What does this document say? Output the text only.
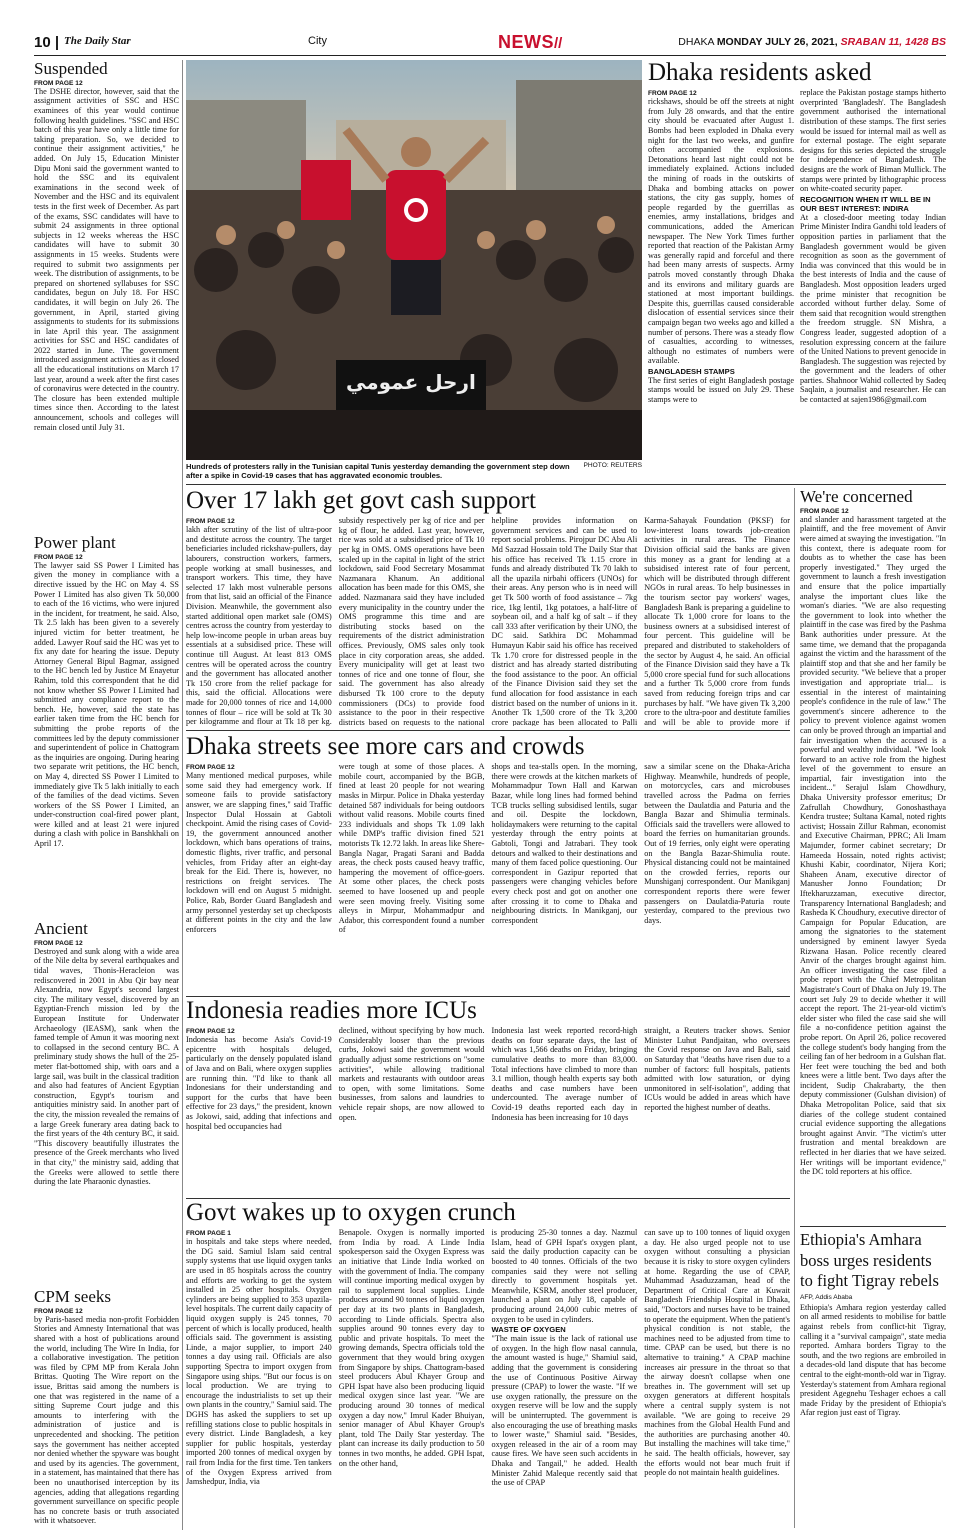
10 The Daily Star	City	NEWS //	DHAKA MONDAY JULY 26, 2021, SRABAN 11, 1428 BS
Suspended
FROM PAGE 12
The DSHE director, however, said that the assignment activities of SSC and HSC examinees of this year would continue following health guidelines. "SSC and HSC batch of this year have only a little time for taking preparation. So, we decided to continue their assignment activities," he added. On July 15, Education Minister Dipu Moni said the government wanted to hold the SSC and its equivalent examinations in the second week of November and the HSC and its equivalent tests in the first week of December. As part of the exams, SSC candidates will have to submit 24 assignments in three optional subjects in 12 weeks whereas the HSC candidates will have to submit 30 assignments in 15 weeks. Students were required to submit two assignments per week. The distribution of assignments, to be prepared on shortened syllabuses for SSC candidates, begun on July 18. For HSC candidates, it will begin on July 26. The government, in April, started giving assignments to students for its submissions in late April this year. The assignment activities for SSC and HSC candidates of 2022 started in June. The government introduced assignment activities as it closed all the educational institutions on March 17 last year, around a week after the first cases of coronavirus were detected in the country. The closure has been extended multiple times since then. According to the latest announcement, schools and colleges will remain closed until July 31.
Power plant
FROM PAGE 12
The lawyer said SS Power I Limited has given the money in compliance with a directive issued by the HC on May 4. SS Power I Limited has also given Tk 50,000 to each of the 16 victims, who were injured in the incident, for treatment, he said. Also, Tk 2.5 lakh has been given to a severely injured victim for better treatment, he added. Lawyer Rouf said the HC was yet to fix any date for hearing the issue. Deputy Attorney General Bipul Bagmar, assigned to the HC bench led by Justice M Enayetur Rahim, told this correspondent that he did not know whether SS Power I Limited had submitted any compliance report to the bench. He, however, said the state has earlier taken time from the HC bench for submitting the probe reports of the committees led by the deputy commissioner and superintendent of police in Chattogram as the inquiries are ongoing. During hearing two separate writ petitions, the HC bench, on May 4, directed SS Power I Limited to immediately give Tk 5 lakh initially to each of the families of the dead victims. Seven workers of the SS Power I Limited, an under-construction coal-fired power plant, were killed and at least 21 were injured during a clash with police in Banshkhali on April 17.
Ancient
FROM PAGE 12
Destroyed and sunk along with a wide area of the Nile delta by several earthquakes and tidal waves, Thonis-Heracleion was rediscovered in 2001 in Abu Qir bay near Alexandria, now Egypt's second largest city. The military vessel, discovered by an Egyptian-French mission led by the European Institute for Underwater Archaeology (IEASM), sank when the famed temple of Amun it was mooring next to collapsed in the second century BC. A preliminary study shows the hull of the 25-meter flat-bottomed ship, with oars and a large sail, was built in the classical tradition and also had features of Ancient Egyptian construction, Egypt's tourism and antiquities ministry said. In another part of the city, the mission revealed the remains of a large Greek funerary area dating back to the first years of the 4th century BC, it said. "This discovery beautifully illustrates the presence of the Greek merchants who lived in that city," the ministry said, adding that the Greeks were allowed to settle there during the late Pharaonic dynasties.
CPM seeks
FROM PAGE 12
by Paris-based media non-profit Forbidden Stories and Amnesty International that was shared with a host of publications around the world, including The Wire In India, for a collaborative investigation. The petition was filed by CPM MP from Kerala John Brittas. Quoting The Wire report on the issue, Brittas said among the numbers is one that was registered in the name of a sitting Supreme Court judge and this amounts to interfering with the administration of justice and is unprecedented and shocking. The petition says the government has neither accepted nor denied whether the spyware was bought and used by its agencies. The government, in a statement, has maintained that there has been no unauthorised interception by its agencies, adding that allegations regarding government surveillance on specific people has no concrete basis or truth associated with it whatsoever.
ارحل عمومي
PHOTO: REUTERS
Hundreds of protesters rally in the Tunisian capital Tunis yesterday demanding the government step down after a spike in Covid-19 cases that has aggravated economic troubles.
Dhaka residents asked
FROM PAGE 12
rickshaws, should be off the streets at night from July 28 onwards, and that the entire city should be evacuated after August 1. Bombs had been exploded in Dhaka every night for the last two weeks, and gunfire often accompanied the explosions. Detonations heard last night could not be immediately explained. Actions included the mining of roads in the outskirts of Dhaka and bombing attacks on power stations, the city gas supply, homes of people regarded by the guerrillas as enemies, army installations, bridges and communications, added the American newspaper. The New York Times further reported that reaction of the Pakistan Army was generally rapid and forceful and there had been many arrests of suspects. Army patrols moved constantly through Dhaka and its environs and military guards are stationed at most important buildings. Despite this, guerrillas caused considerable dislocation of essential services since their campaign began two weeks ago and killed a number of persons. There was a steady flow of casualties, according to witnesses, although no estimates of numbers were available.
BANGLADESH STAMPS
The first series of eight Bangladesh postage stamps would be issued on July 29. These stamps were to
replace the Pakistan postage stamps hitherto overprinted 'Bangladesh'. The Bangladesh government authorised the international distribution of these stamps. The first series would be issued for internal mail as well as for external postage. The eight separate designs for this series depicted the struggle for independence of Bangladesh. The designs are the work of Biman Mullick. The stamps were printed by lithographic process on white-coated security paper.
RECOGNITION WHEN IT WILL BE IN OUR BEST INTEREST: INDIRA
At a closed-door meeting today Indian Prime Minister Indira Gandhi told leaders of opposition parties in parliament that the Bangladesh government would be given recognition as soon as the government of India was convinced that this would be in the best interests of India and the cause of Bangladesh. Most opposition leaders urged the prime minister that recognition be accorded without further delay. Some of them said that recognition would strengthen the freedom struggle. SN Mishra, a Congress leader, suggested adoption of a resolution expressing concern at the failure of the United Nations to prevent genocide in Bangladesh. The suggestion was rejected by the government and the leaders of other parties. Shahnoor Wahid collected by Sadeq Saqlain, a journalist and researcher. He can be contacted at sajen1986@gmail.com
Over 17 lakh get govt cash support
FROM PAGE 12
lakh after scrutiny of the list of ultra-poor and destitute across the country. The target beneficiaries included rickshaw-pullers, day labourers, construction workers, farmers, people working at small businesses, and transport workers. This time, they have selected 17 lakh most vulnerable persons from that list, said an official of the Finance Division. Meanwhile, the government also started additional open market sale (OMS) centres across the country from yesterday to help low-income people in urban areas buy essentials at a subsidised price. These will continue till August. At least 813 OMS centres will be operated across the country and the government has allocated another Tk 150 crore from the relief package for this, said the official. Allocations were made for 20,000 tonnes of rice and 14,000 tonnes of flour – rice will be sold at Tk 30 per kilogramme and flour at Tk 18 per kg.
subsidy respectively per kg of rice and per kg of flour, he added. Last year, however, rice was sold at a subsidised price of Tk 10 per kg in OMS. OMS operations have been scaled up in the capital in light of the strict lockdown, said Food Secretary Mosammat Nazmanara Khanum. An additional allocation has been made for this OMS, she added. Nazmanara said they have included every municipality in the country under the OMS programme this time and are distributing stocks based on the requirements of the district administration offices. Previously, OMS sales only took place in city corporation areas, she added. Every municipality will get at least two tonnes of rice and one tonne of flour, she said. The government has also already disbursed Tk 100 crore to the deputy commissioners (DCs) to provide food assistance to the poor in their respective districts based on requests to the national
helpline provides information on government services and can be used to report social problems. Pirojpur DC Abu Ali Md Sazzad Hossain told The Daily Star that his office has received Tk 1.15 crore in funds and already distributed Tk 70 lakh to all the upazila nirbahi officers (UNOs) for their areas. Any person who is in need will get Tk 500 worth of food assistance – 7kg rice, 1kg lentil, 1kg potatoes, a half-litre of soybean oil, and a half kg of salt – if they call 333 after verification by their UNO, the DC said. Satkhira DC Mohammad Humayun Kabir said his office has received Tk 1.70 crore for distressed people in the district and has already started distributing the food assistance to the poor. An official of the Finance Division said they set the fund allocation for food assistance in each district based on the number of unions in it. Another Tk 1,500 crore of the Tk 3,200 crore package has been allocated to Palli
Karma-Sahayak Foundation (PKSF) for low-interest loans towards job-creation activities in rural areas. The Finance Division official said the banks are given this money as a grant for lending at a subsidised interest rate of four percent, which will be distributed through different NGOs in rural areas. To help businesses in the tourism sector pay workers' wages, Bangladesh Bank is preparing a guideline to allocate Tk 1,000 crore for loans to the business owners at a subsidised interest of four percent. This guideline will be prepared and distributed to stakeholders of the sector by August 4, he said. An official of the Finance Division said they have a Tk 5,000 crore special fund for such allocations and a further Tk 5,000 crore from funds saved from reducing foreign trips and car purchases by half. "We have given Tk 3,200 crore to the ultra-poor and destitute families and will be able to provide more if
We're concerned
FROM PAGE 12
and slander and harassment targeted at the plaintiff, and the free movement of Anvir were aimed at swaying the investigation. "In this context, there is adequate room for doubts as to whether the case has been properly investigated." They urged the government to launch a fresh investigation and ensure that the police impartially analyse the important clues like the woman's diaries. "We are also requesting the government to look into whether the plaintiff in the case was fired by the Pashma Bank authorities under pressure. At the same time, we demand that the propaganda against the victim and the harassment of the plaintiff stop and that she and her family be provided security. "We believe that a proper investigation and appropriate trial... is essential in the interest of maintaining people's confidence in the rule of law." The government's sincere adherence to the policy to prevent violence against women can only be proved through an impartial and fair investigation when the accused is a powerful and wealthy individual. "We look forward to an active role from the highest level of the government to ensure an impartial, fair investigation into the incident..." Serajul Islam Chowdhury, Dhaka University professor emeritus; Dr Zafrullah Chowdhury, Gonoshasthaya Kendra trustee; Sultana Kamal, noted rights activist; Hossain Zillur Rahman, economist and Executive Chairman, PPRC; Ali Imam Majumder, former cabinet secretary; Dr Hameeda Hossain, noted rights activist; Khushi Kabir, coordinator, Nijera Kori; Shaheen Anam, executive director of Manusher Jonno Foundation; Dr Iftekharuzzaman, executive director, Transparency International Bangladesh; and Rasheda K Choudhury, executive director of Campaign for Popular Education, are among the signatories to the statement undersigned by eminent lawyer Syeda Rizwana Hasan. Police recently cleared Anvir of the charges brought against him. An officer investigating the case filed a probe report with the Chief Metropolitan Magistrate's Court of Dhaka on July 19. The court set July 29 to decide whether it will accept the report. The 21-year-old victim's elder sister who filed the case said she will file a no-confidence petition against the probe report. On April 26, police recovered the college student's body hanging from the ceiling fan of her bedroom in a Gulshan flat. Her feet were touching the bed and both knees were a little bent. Two days after the incident, Sudip Chakrabarty, the then deputy commissioner (Gulshan division) of Dhaka Metropolitan Police, said that six diaries of the college student contained crucial evidence supporting the allegations brought against Anvir. "The victim's utter frustration and mental breakdown are reflected in her diaries that we have seized. Her writings will be important evidence," the DC told reporters at his office.
Ethiopia's Amhara boss urges residents to fight Tigray rebels
AFP, Addis Ababa
Ethiopia's Amhara region yesterday called on all armed residents to mobilise for battle against rebels from conflict-hit Tigray, calling it a "survival campaign", state media reported. Amhara borders Tigray to the south, and the two regions are embroiled in a decades-old land dispute that has become central to the eight-month-old war in Tigray. Yesterday's statement from Amhara regional president Agegnehu Teshager echoes a call made Friday by the president of Ethiopia's Afar region just east of Tigray.
Dhaka streets see more cars and crowds
FROM PAGE 12
Many mentioned medical purposes, while some said they had emergency work. If someone fails to provide satisfactory answer, we are slapping fines," said Traffic Inspector Dulal Hossain at Gabtoli checkpoint. Amid the rising cases of Covid-19, the government announced another lockdown, which bans operations of trains, domestic flights, river traffic, and personal vehicles, from Friday after an eight-day break for the Eid. There is, however, no restrictions on freight services. The lockdown will end on August 5 midnight. Police, Rab, Border Guard Bangladesh and army personnel yesterday set up checkposts at different points in the city and the law enforcers
were tough at some of those places. A mobile court, accompanied by the BGB, fined at least 20 people for not wearing masks in Mirpur. Police in Dhaka yesterday detained 587 individuals for being outdoors without valid reasons. Mobile courts fined 233 individuals and shops Tk 1.09 lakh while DMP's traffic division fined 521 motorists Tk 12.72 lakh. In areas like Shere-Bangla Nagar, Pragati Sarani and Badda areas, the check posts caused heavy traffic, hampering the movement of office-goers. At some other places, the check posts seemed to have loosened up and people were seen moving freely. Visiting some alleys in Mirpur, Mohammadpur and Adabor, this correspondent found a number of
shops and tea-stalls open. In the morning, there were crowds at the kitchen markets of Mohammadpur Town Hall and Karwan Bazar, while long lines had formed behind TCB trucks selling subsidised lentils, sugar and oil. Despite the lockdown, holidaymakers were returning to the capital yesterday through the entry points at Gabtoli, Tongi and Jatrabari. They took detours and walked to their destinations and many of them faced police questioning. Our correspondent in Gazipur reported that passengers were changing vehicles before every check post and got on another one after crossing it to come to Dhaka and neighbouring districts. In Manikganj, our correspondent
saw a similar scene on the Dhaka-Aricha Highway. Meanwhile, hundreds of people, on motorcycles, cars and microbuses travelled across the Padma on ferries between the Daulatdia and Paturia and the Bangla Bazar and Shimulia terminals. Officials said the travellers were allowed to board the ferries on humanitarian grounds. Out of 19 ferries, only eight were operating on the Bangla Bazar-Shimulia route. Physical distancing could not be maintained on the crowded ferries, reports our Munshiganj correspondent. Our Manikganj correspondent reports there were fewer passengers on Daulatdia-Paturia route yesterday, compared to the previous two days.
Indonesia readies more ICUs
FROM PAGE 12
Indonesia has become Asia's Covid-19 epicentre with hospitals deluged, particularly on the densely populated island of Java and on Bali, where oxygen supplies are running thin. "I'd like to thank all Indonesians for their understanding and support for the curbs that have been effective for 23 days," the president, known as Jokowi, said, adding that infections and hospital bed occupancies had
declined, without specifying by how much. Considerably looser than the previous curbs, Jokowi said the government would gradually adjust some restrictions on "some activities", while allowing traditional markets and restaurants with outdoor areas to open, with some limitations. Some businesses, from salons and laundries to vehicle repair shops, are now allowed to open.
Indonesia last week reported record-high deaths on four separate days, the last of which was 1,566 deaths on Friday, bringing cumulative deaths to more than 83,000. Total infections have climbed to more than 3.1 million, though health experts say both deaths and case numbers have been undercounted. The average number of Covid-19 deaths reported each day in Indonesia has been increasing for 10 days
straight, a Reuters tracker shows. Senior Minister Luhut Pandjaitan, who oversees the Covid response on Java and Bali, said on Saturday that "deaths have risen due to a number of factors: full hospitals, patients admitted with low saturation, or dying unmonitored in self-isolation", adding that ICUs would be added in areas which have reported the highest number of deaths.
Govt wakes up to oxygen crunch
FROM PAGE 1
in hospitals and take steps where needed, the DG said. Samiul Islam said central supply systems that use liquid oxygen tanks are used in 85 hospitals across the country and efforts are working to get the system installed in 25 other hospitals. Oxygen cylinders are being supplied to 353 upazila-level hospitals. The current daily capacity of liquid oxygen supply is 245 tonnes, 70 percent of which is locally produced, health officials said. The government is assisting Linde, a major supplier, to import 240 tonnes a day using rail. Officials are also supporting Spectra to import oxygen from Singapore using ships. "But our focus is on local production. We are trying to encourage the industrialists to set up their own plants in the country," Samiul said. The DGHS has asked the suppliers to set up refilling stations close to public hospitals in every district. Linde Bangladesh, a key supplier for public hospitals, yesterday imported 200 tonnes of medical oxygen by rail from India for the first time. Ten tankers of the Oxygen Express arrived from Jamshedpur, India, via
Benapole. Oxygen is normally imported from India by road. A Linde India spokesperson said the Oxygen Express was an initiative that Linde India worked on with the government of India. The company will continue importing medical oxygen by rail to supplement local supplies. Linde produces around 90 tonnes of liquid oxygen per day at its two plants in Bangladesh, according to Linde officials. Spectra also supplies around 90 tonnes every day to public and private hospitals. To meet the growing demands, Spectra officials told the government that they would bring oxygen from Singapore by ships. Chattogram-based steel producers Abul Khayer Group and GPH Ispat have also been producing liquid medical oxygen since last year. "We are producing around 30 tonnes of medical oxygen a day now," Imrul Kader Bhuiyan, senior manager of Abul Khayer Group's plant, told The Daily Star yesterday. The plant can increase its daily production to 50 tonnes in two months, he added. GPH Ispat, on the other hand,
is producing 25-30 tonnes a day. Nazmul Islam, head of GPH Ispat's oxygen plant, said the daily production capacity can be boosted to 40 tonnes. Officials of the two companies said they were not selling directly to government hospitals yet. Meanwhile, KSRM, another steel producer, launched a plant on July 18, capable of producing around 24,000 cubic metres of oxygen to be used in cylinders.
WASTE OF OXYGEN
"The main issue is the lack of rational use of oxygen. In the high flow nasal cannula, the amount wasted is huge," Shamiul said, adding that the government is considering the use of Continuous Positive Airway pressure (CPAP) to lower the waste. "If we use oxygen rationally, the pressure on the oxygen reserve will be low and the supply will be uninterrupted. The government is also encouraging the use of breathing masks to lower waste," Shamiul said. "Besides, oxygen released in the air of a room may cause fires. We have seen such accidents in Dhaka and Tangail," he added. Health Minister Zahid Maleque recently said that the use of CPAP
can save up to 100 tonnes of liquid oxygen a day. He also urged people not to use oxygen without consulting a physician because it is risky to store oxygen cylinders at home. Regarding the use of CPAP, Muhammad Asaduzzaman, head of the Department of Critical Care at Kuwait Bangladesh Friendship Hospital in Dhaka, said, "Doctors and nurses have to be trained to operate the equipment. When the patient's physical condition is not stable, the machines need to be adjusted from time to time. CPAP can be used, but there is no alternative to training." A CPAP machine increases air pressure in the throat so that the airway doesn't collapse when one breathes in. The government will set up oxygen generators at different hospitals where a central supply system is not available. "We are going to receive 29 machines from the Global Health Fund and the authorities are purchasing another 40. But installing the machines will take time," he said. The health officials, however, say the efforts would not bear much fruit if people do not maintain health guidelines.
